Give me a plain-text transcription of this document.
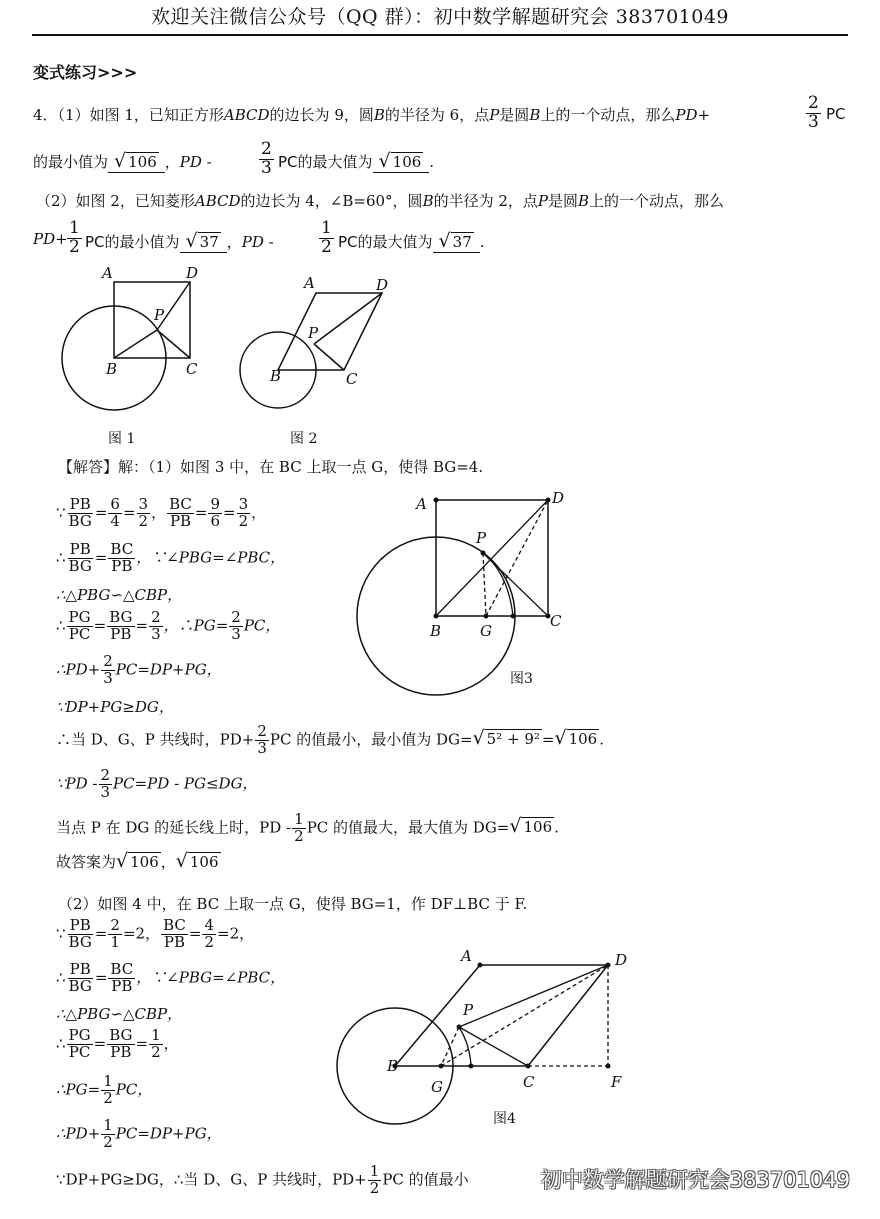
欢迎关注微信公众号（QQ 群）：初中数学解题研究会 383701049
变式练习>>>
4．（1）如图 1，已知正方形ABCD的边长为 9，圆B的半径为 6，点P是圆B上的一个动点，那么PD+	$\frac{2}{3}$ PC
的最小值为 √ 106 ，PD -	$\frac{2}{3}$ PC的最大值为 √ 106 .
（2）如图 2，已知菱形ABCD的边长为 4，∠B=60°，圆B的半径为 2，点P是圆B上的一个动点，那么
$PD+ \frac{1}{2}$ PC的最小值为 √ 37 ，PD -	$\frac{1}{2}$ PC的最大值为 √ 37 .
A	D
P
B	C
图 1
A	D
P
B	C
图 2
【解答】解：（1）如图 3 中，在 BC 上取一点 G，使得 BG=4.
∵ $\frac{PB}{BG} = \frac{6}{4} = \frac{3}{2}$ ， $\frac{BC}{PB} = \frac{9}{6} = \frac{3}{2}$ ，
∴ $\frac{PB}{BG} = \frac{BC}{PB}$ ，∵∠PBG=∠PBC，
∴△PBG∽△CBP，
∴ $\frac{PG}{PC} = \frac{BG}{PB} = \frac{2}{3}$ ，∴PG= $\frac{2}{3}$ PC，
∴PD+ $\frac{2}{3} PC=DP+PG$，
∵DP+PG≥DG，
∴当 D、G、P 共线时，$PD+ \frac{2}{3}$ PC 的值最小，最小值为 DG= √ 5² + 9² = √ 106 .
∵PD - $\frac{2}{3} PC=PD - PG\le DG$，
当点 P 在 DG 的延长线上时，PD - $\frac{1}{2}$ PC 的值最大，最大值为 DG= √ 106 .
故答案为 √ 106 ， √ 106
A	D
P
B	G
C
图3
（2）如图 4 中，在 BC 上取一点 G，使得 BG=1，作 DF⊥BC 于 F.
∵ $\frac{PB}{BG} = \frac{2}{1} =2$， $\frac{BC}{PB} = \frac{4}{2} =2$，
∴ $\frac{PB}{BG} = \frac{BC}{PB}$ ，∵∠PBG=∠PBC，
∴△PBG∽△CBP，
∴ $\frac{PG}{PC} = \frac{BG}{PB} = \frac{1}{2}$ ，
∴PG= $\frac{1}{2}$ PC，
∴PD+ $\frac{1}{2} PC=DP+PG$，
∵DP+PG≥DG，∴当 D、G、P 共线时，$PD+ \frac{1}{2}$ PC 的值最小
A	D
P
B
G	C	F
图4
初中数学解题研究会383701049
